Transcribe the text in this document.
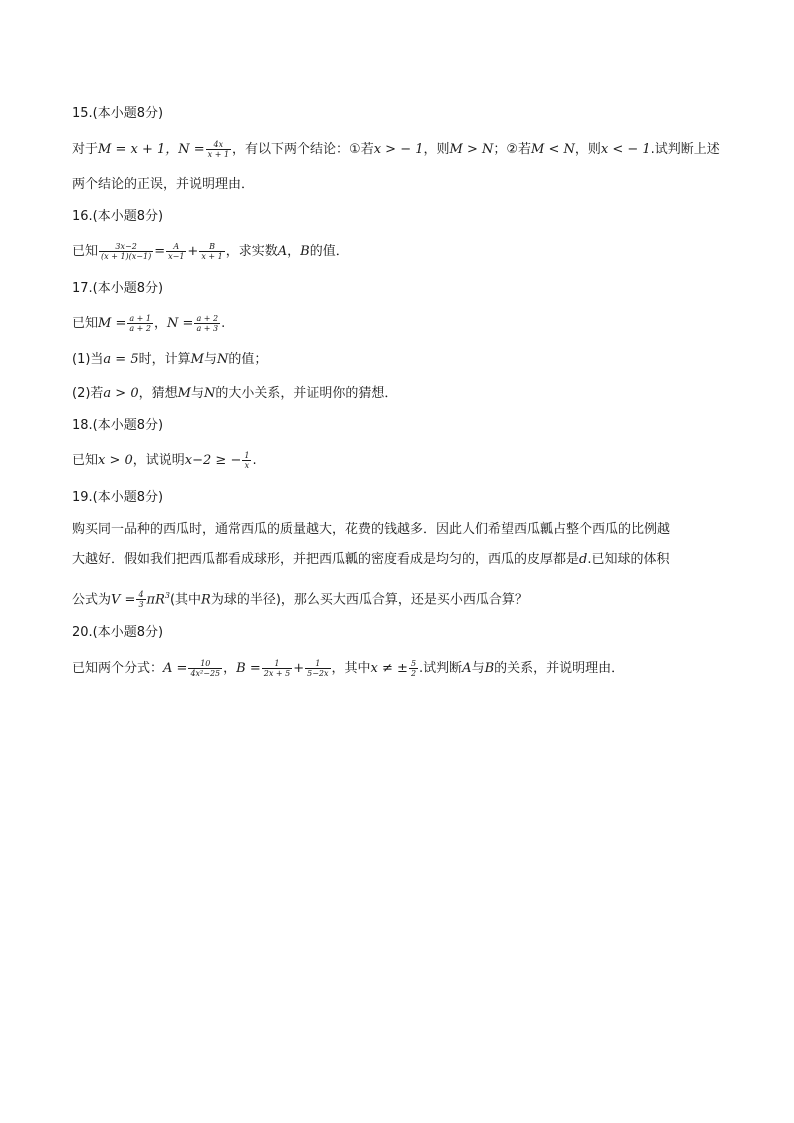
15.(本小题8分)
对于M = x + 1，$N = \frac{4x}{x + 1}$ ，有以下两个结论：①若x > − 1，则M > N；②若M < N，则x < − 1.试判断上述
两个结论的正误，并说明理由．
16.(本小题8分)
已知 $\frac{3x-2}{(x + 1)(x-1)} = \frac{A}{x-1} + \frac{B}{x + 1}$ ，求实数A，B的值．
17.(本小题8分)
已知$M = \frac{a + 1}{a + 2}$ ，$N = \frac{a + 2}{a + 3}$ .
(1)当a = 5时，计算M与N的值；
(2)若a > 0，猜想M与N的大小关系，并证明你的猜想．
18.(本小题8分)
已知x > 0，试说明x−2 ≥ − $\frac{1}{x}$ .
19.(本小题8分)
购买同一品种的西瓜时，通常西瓜的质量越大，花费的钱越多．因此人们希望西瓜瓤占整个西瓜的比例越
大越好．假如我们把西瓜都看成球形，并把西瓜瓤的密度看成是均匀的，西瓜的皮厚都是d.已知球的体积
公式为$V = \frac{4}{3} \pi R^3$(其中R为球的半径)，那么买大西瓜合算，还是买小西瓜合算？
20.(本小题8分)
已知两个分式：$A = \frac{10}{\text{4x²−25}}$ ，$B = \frac{1}{2x + 5} + \frac{1}{5-2x}$ ，其中x ≠ ± $\frac{5}{2}$ .试判断A与B的关系，并说明理由．
